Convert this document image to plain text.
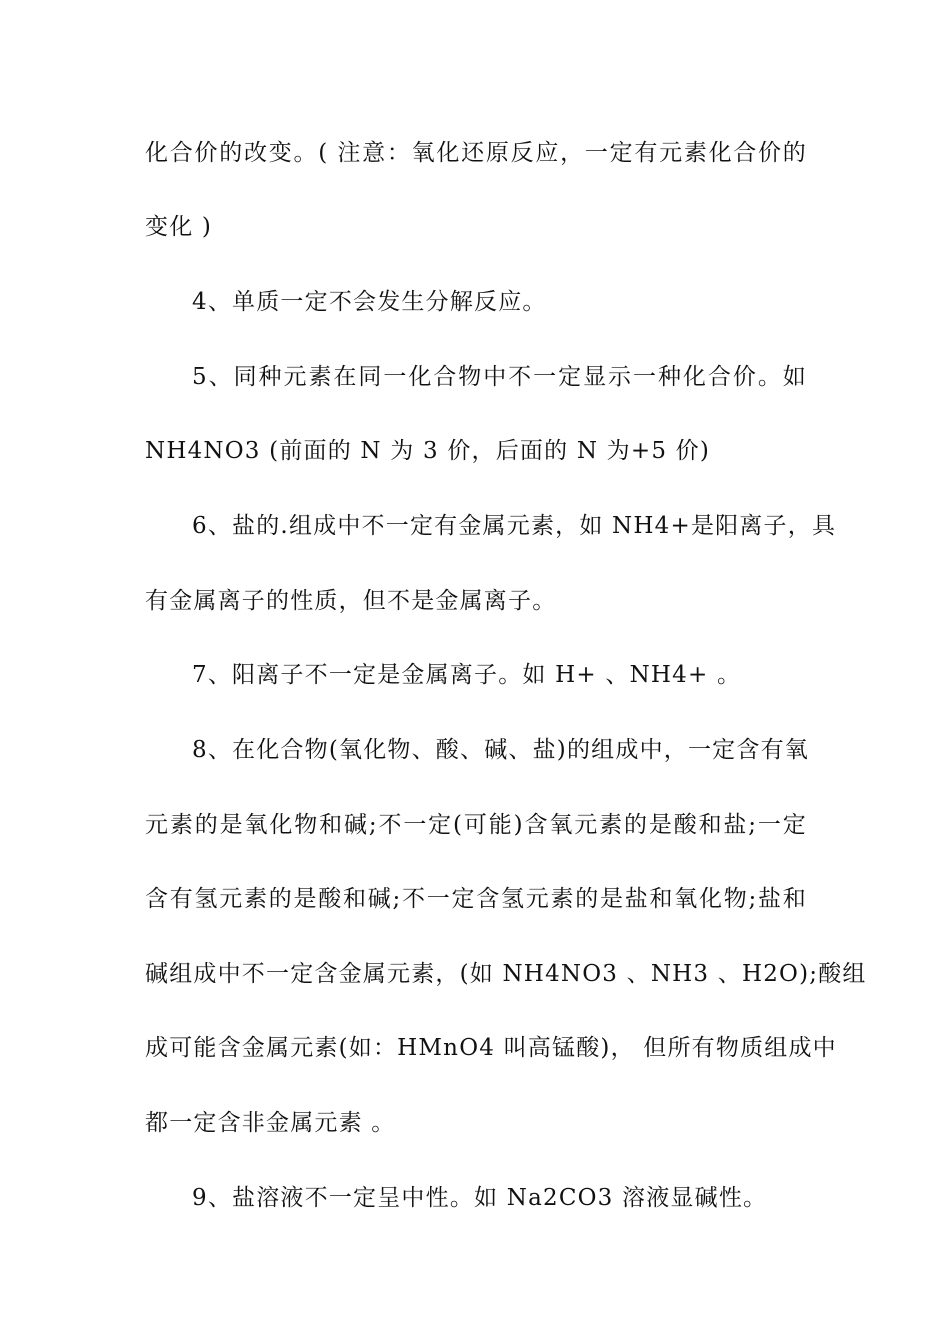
化合价的改变。( 注意：氧化还原反应，一定有元素化合价的
变化 )
4、单质一定不会发生分解反应。
5、同种元素在同一化合物中不一定显示一种化合价。如
NH4NO3 (前面的 N 为 3 价，后面的 N 为+5 价)
6、盐的.组成中不一定有金属元素，如 NH4+是阳离子，具
有金属离子的性质，但不是金属离子。
7、阳离子不一定是金属离子。如 H+ 、NH4+ 。
8、在化合物(氧化物、酸、碱、盐)的组成中，一定含有氧
元素的是氧化物和碱;不一定(可能)含氧元素的是酸和盐;一定
含有氢元素的是酸和碱;不一定含氢元素的是盐和氧化物;盐和
碱组成中不一定含金属元素，(如 NH4NO3 、NH3 、H2O);酸组
成可能含金属元素(如：HMnO4 叫高锰酸)， 但所有物质组成中
都一定含非金属元素 。
9、盐溶液不一定呈中性。如 Na2CO3 溶液显碱性。
